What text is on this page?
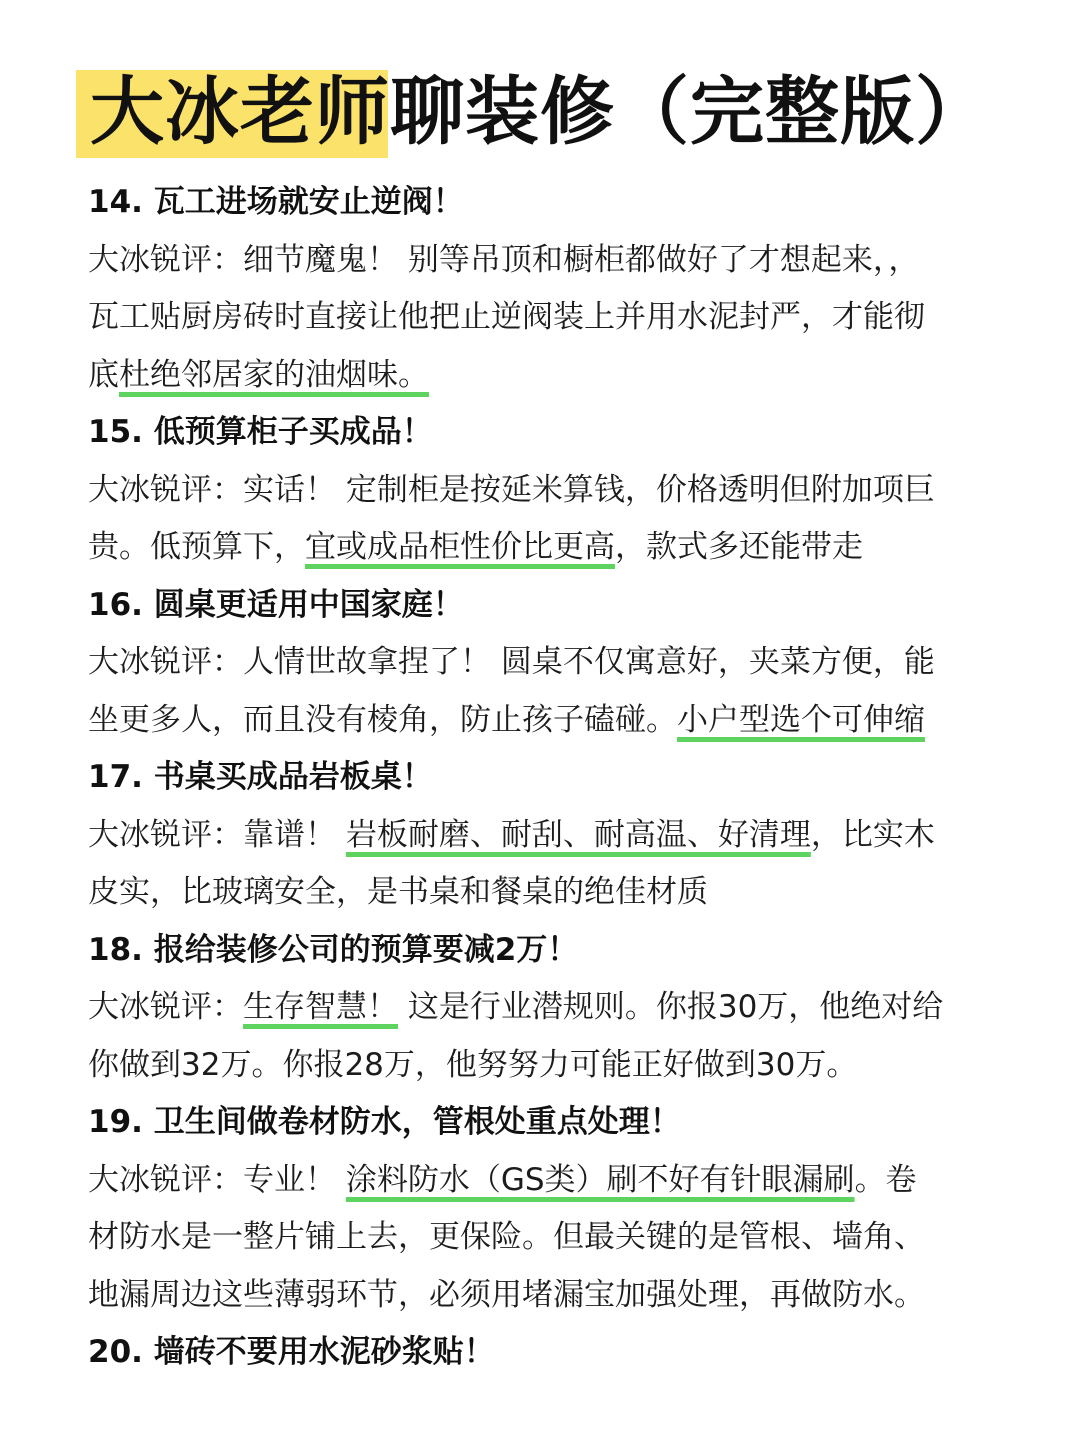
大冰老师聊装修（完整版）
14. 瓦工进场就安止逆阀！
大冰锐评：细节魔鬼！ 别等吊顶和橱柜都做好了才想起来，，
瓦工贴厨房砖时直接让他把止逆阀装上并用水泥封严，才能彻
底杜绝邻居家的油烟味。
15. 低预算柜子买成品！
大冰锐评：实话！ 定制柜是按延米算钱，价格透明但附加项巨
贵。低预算下，宜或成品柜性价比更高，款式多还能带走
16. 圆桌更适用中国家庭！
大冰锐评：人情世故拿捏了！ 圆桌不仅寓意好，夹菜方便，能
坐更多人，而且没有棱角，防止孩子磕碰。小户型选个可伸缩
17. 书桌买成品岩板桌！
大冰锐评：靠谱！ 岩板耐磨、耐刮、耐高温、好清理，比实木
皮实，比玻璃安全，是书桌和餐桌的绝佳材质
18. 报给装修公司的预算要减2万！
大冰锐评：生存智慧！ 这是行业潜规则。你报30万，他绝对给
你做到32万。你报28万，他努努力可能正好做到30万。
19. 卫生间做卷材防水，管根处重点处理！
大冰锐评：专业！ 涂料防水（GS类）刷不好有针眼漏刷。卷
材防水是一整片铺上去，更保险。但最关键的是管根、墙角、
地漏周边这些薄弱环节，必须用堵漏宝加强处理，再做防水。
20. 墙砖不要用水泥砂浆贴！
